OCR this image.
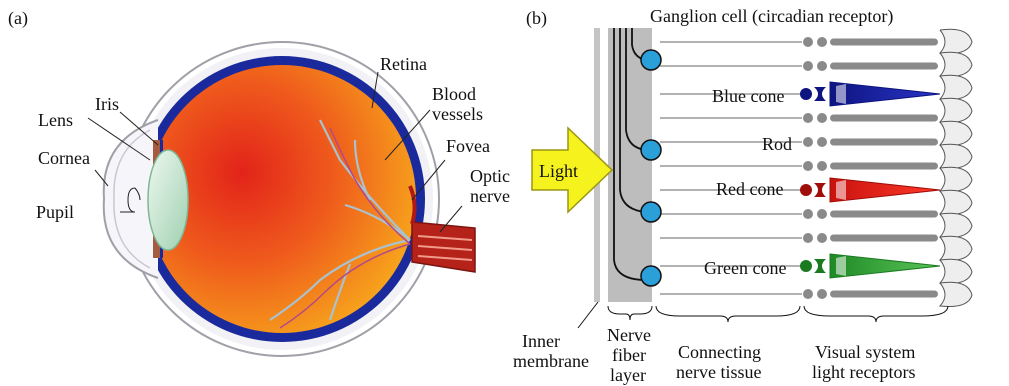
(a)
Lens
Iris
Cornea
Pupil
Retina
Blood
vessels
Fovea
Optic
nerve
(b)
Light
Ganglion cell (circadian receptor)
Blue cone
Rod
Red cone
Green cone
Inner
membrane
Nerve
fiber
layer
Connecting
nerve tissue
Visual system
light receptors
